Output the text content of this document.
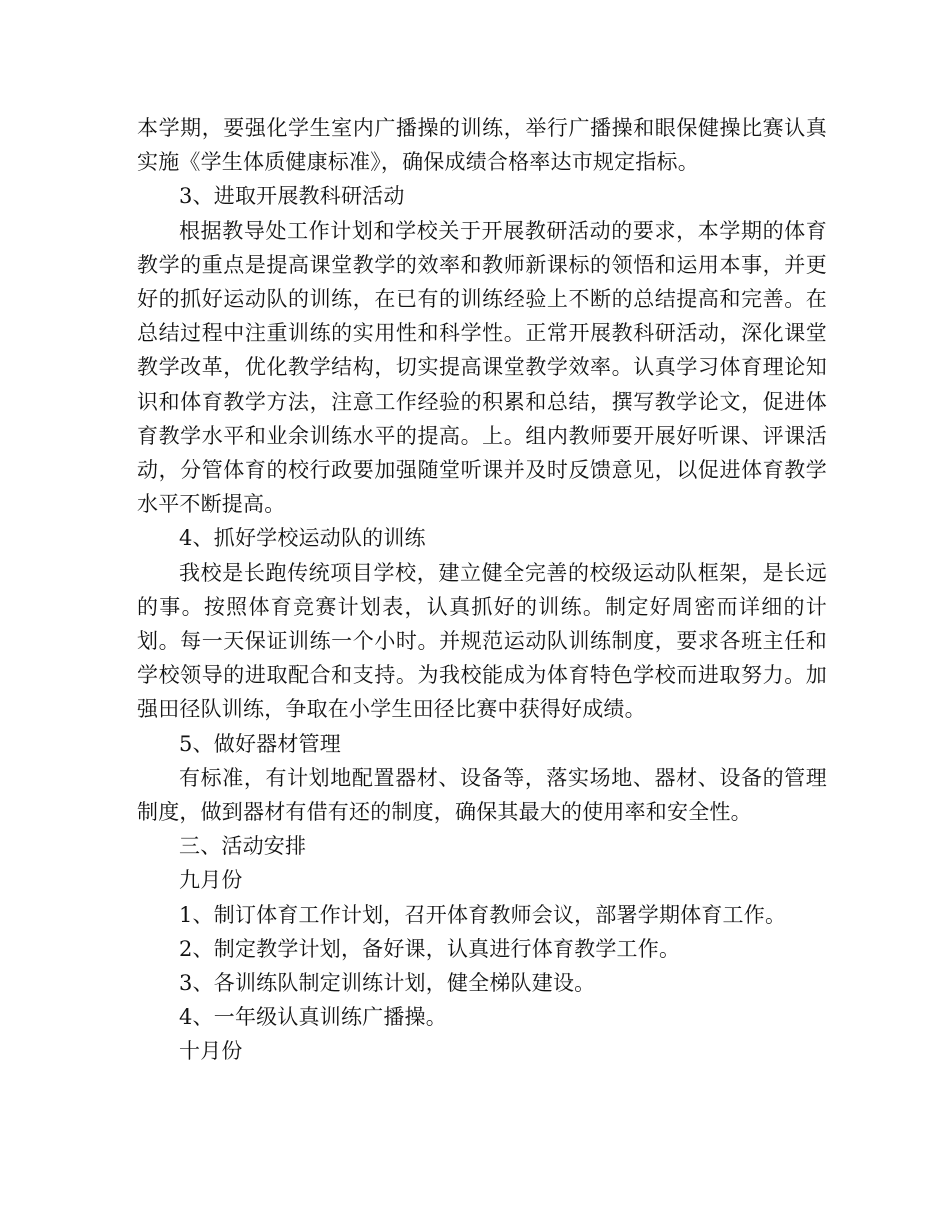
本学期，要强化学生室内广播操的训练，举行广播操和眼保健操比赛认真实施《学生体质健康标准》，确保成绩合格率达市规定指标。

3、进取开展教科研活动

根据教导处工作计划和学校关于开展教研活动的要求，本学期的体育教学的重点是提高课堂教学的效率和教师新课标的领悟和运用本事，并更好的抓好运动队的训练，在已有的训练经验上不断的总结提高和完善。在总结过程中注重训练的实用性和科学性。正常开展教科研活动，深化课堂教学改革，优化教学结构，切实提高课堂教学效率。认真学习体育理论知识和体育教学方法，注意工作经验的积累和总结，撰写教学论文，促进体育教学水平和业余训练水平的提高。上。组内教师要开展好听课、评课活动，分管体育的校行政要加强随堂听课并及时反馈意见，以促进体育教学水平不断提高。

4、抓好学校运动队的训练

我校是长跑传统项目学校，建立健全完善的校级运动队框架，是长远的事。按照体育竞赛计划表，认真抓好的训练。制定好周密而详细的计划。每一天保证训练一个小时。并规范运动队训练制度，要求各班主任和学校领导的进取配合和支持。为我校能成为体育特色学校而进取努力。加强田径队训练，争取在小学生田径比赛中获得好成绩。

5、做好器材管理

有标准，有计划地配置器材、设备等，落实场地、器材、设备的管理制度，做到器材有借有还的制度，确保其最大的使用率和安全性。

三、活动安排

九月份

1、制订体育工作计划，召开体育教师会议，部署学期体育工作。

2、制定教学计划，备好课，认真进行体育教学工作。

3、各训练队制定训练计划，健全梯队建设。

4、一年级认真训练广播操。

十月份
